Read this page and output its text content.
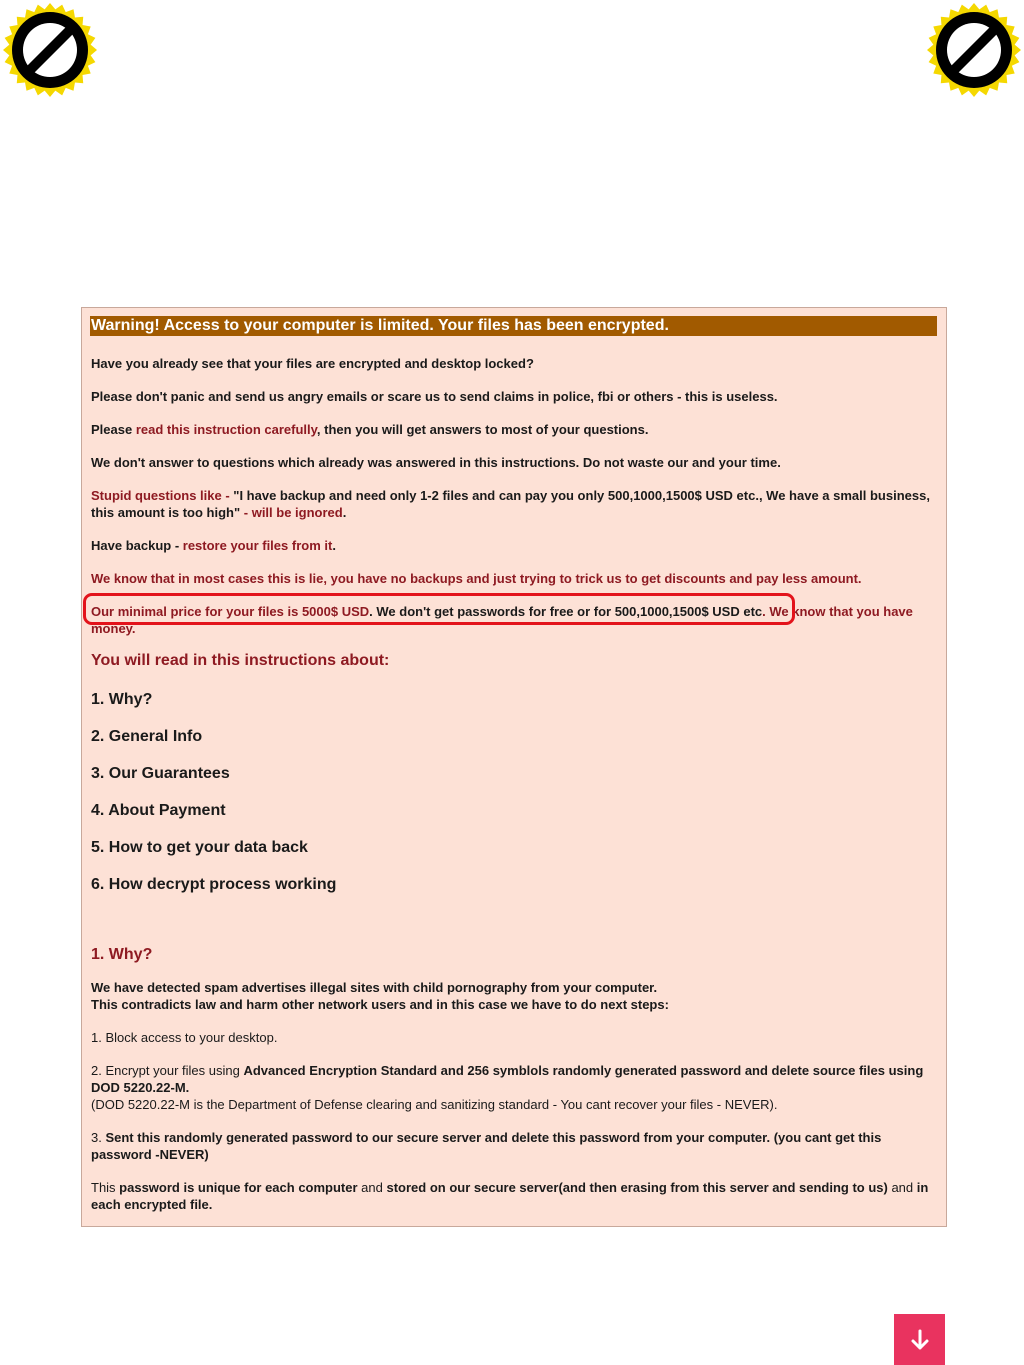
Warning! Access to your computer is limited. Your files has been encrypted.
Have you already see that your files are encrypted and desktop locked?
Please don't panic and send us angry emails or scare us to send claims in police, fbi or others - this is useless.
Please read this instruction carefully, then you will get answers to most of your questions.
We don't answer to questions which already was answered in this instructions. Do not waste our and your time.
Stupid questions like - "I have backup and need only 1-2 files and can pay you only 500,1000,1500$ USD etc., We have a small business, this amount is too high" - will be ignored.
Have backup - restore your files from it.
We know that in most cases this is lie, you have no backups and just trying to trick us to get discounts and pay less amount.
Our minimal price for your files is 5000$ USD. We don't get passwords for free or for 500,1000,1500$ USD etc. We know that you have money.
You will read in this instructions about:
1. Why?
2. General Info
3. Our Guarantees
4. About Payment
5. How to get your data back
6. How decrypt process working
1. Why?
We have detected spam advertises illegal sites with child pornography from your computer.
This contradicts law and harm other network users and in this case we have to do next steps:
1. Block access to your desktop.
2. Encrypt your files using Advanced Encryption Standard and 256 symblols randomly generated password and delete source files using DOD 5220.22-M.
(DOD 5220.22-M is the Department of Defense clearing and sanitizing standard - You cant recover your files - NEVER).
3. Sent this randomly generated password to our secure server and delete this password from your computer. (you cant get this password -NEVER)
This password is unique for each computer and stored on our secure server(and then erasing from this server and sending to us) and in each encrypted file.
